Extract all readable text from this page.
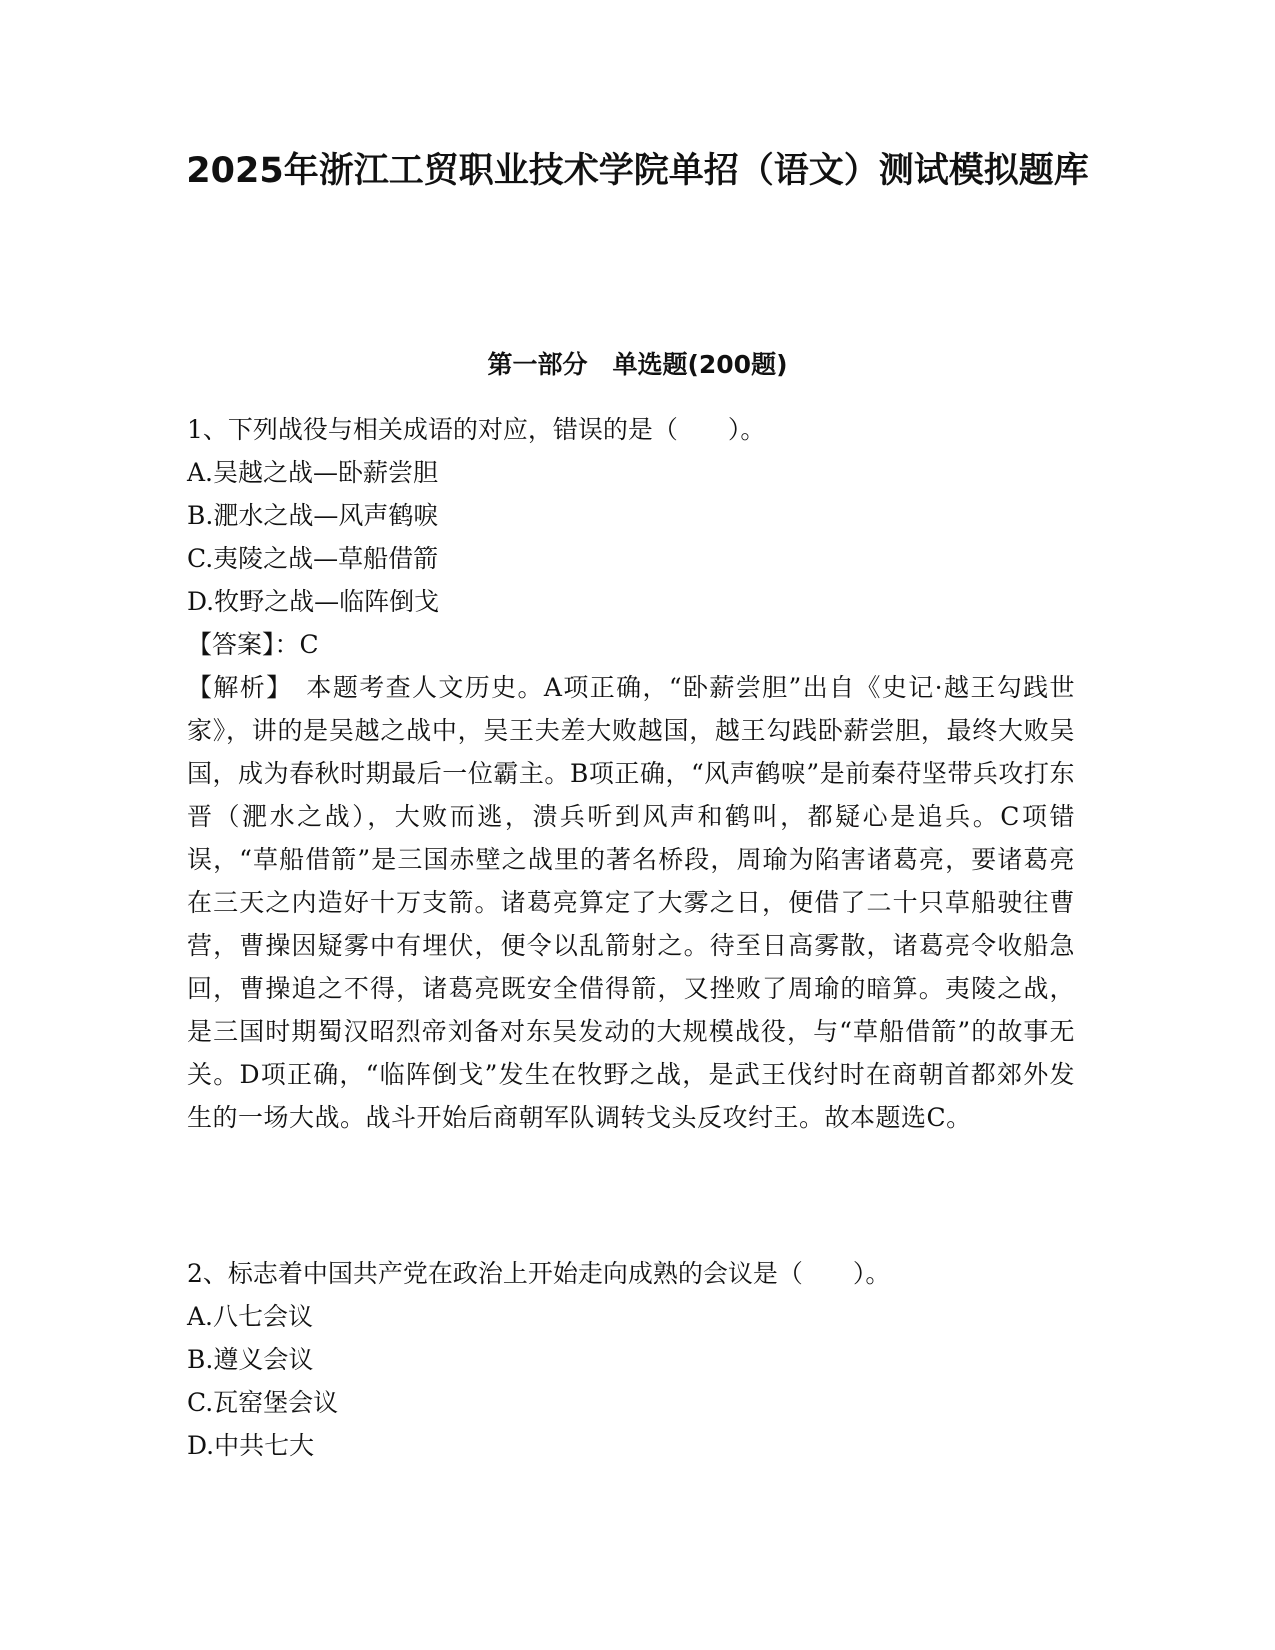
2025年浙江工贸职业技术学院单招（语文）测试模拟题库
第一部分　单选题(200题)

1、下列战役与相关成语的对应，错误的是（　　）。

A.吴越之战—卧薪尝胆

B.淝水之战—风声鹤唳

C.夷陵之战—草船借箭

D.牧野之战—临阵倒戈

【答案】：C

【解析】　本题考查人文历史。A项正确，“卧薪尝胆”出自《史记·越王勾践世家》，讲的是吴越之战中，吴王夫差大败越国，越王勾践卧薪尝胆，最终大败吴国，成为春秋时期最后一位霸主。B项正确，“风声鹤唳”是前秦苻坚带兵攻打东晋（淝水之战），大败而逃，溃兵听到风声和鹤叫，都疑心是追兵。C项错误，“草船借箭”是三国赤壁之战里的著名桥段，周瑜为陷害诸葛亮，要诸葛亮在三天之内造好十万支箭。诸葛亮算定了大雾之日，便借了二十只草船驶往曹营，曹操因疑雾中有埋伏，便令以乱箭射之。待至日高雾散，诸葛亮令收船急回，曹操追之不得，诸葛亮既安全借得箭，又挫败了周瑜的暗算。夷陵之战，是三国时期蜀汉昭烈帝刘备对东吴发动的大规模战役，与“草船借箭”的故事无关。D项正确，“临阵倒戈”发生在牧野之战，是武王伐纣时在商朝首都郊外发生的一场大战。战斗开始后商朝军队调转戈头反攻纣王。故本题选C。

2、标志着中国共产党在政治上开始走向成熟的会议是（　　）。

A.八七会议

B.遵义会议

C.瓦窑堡会议

D.中共七大
